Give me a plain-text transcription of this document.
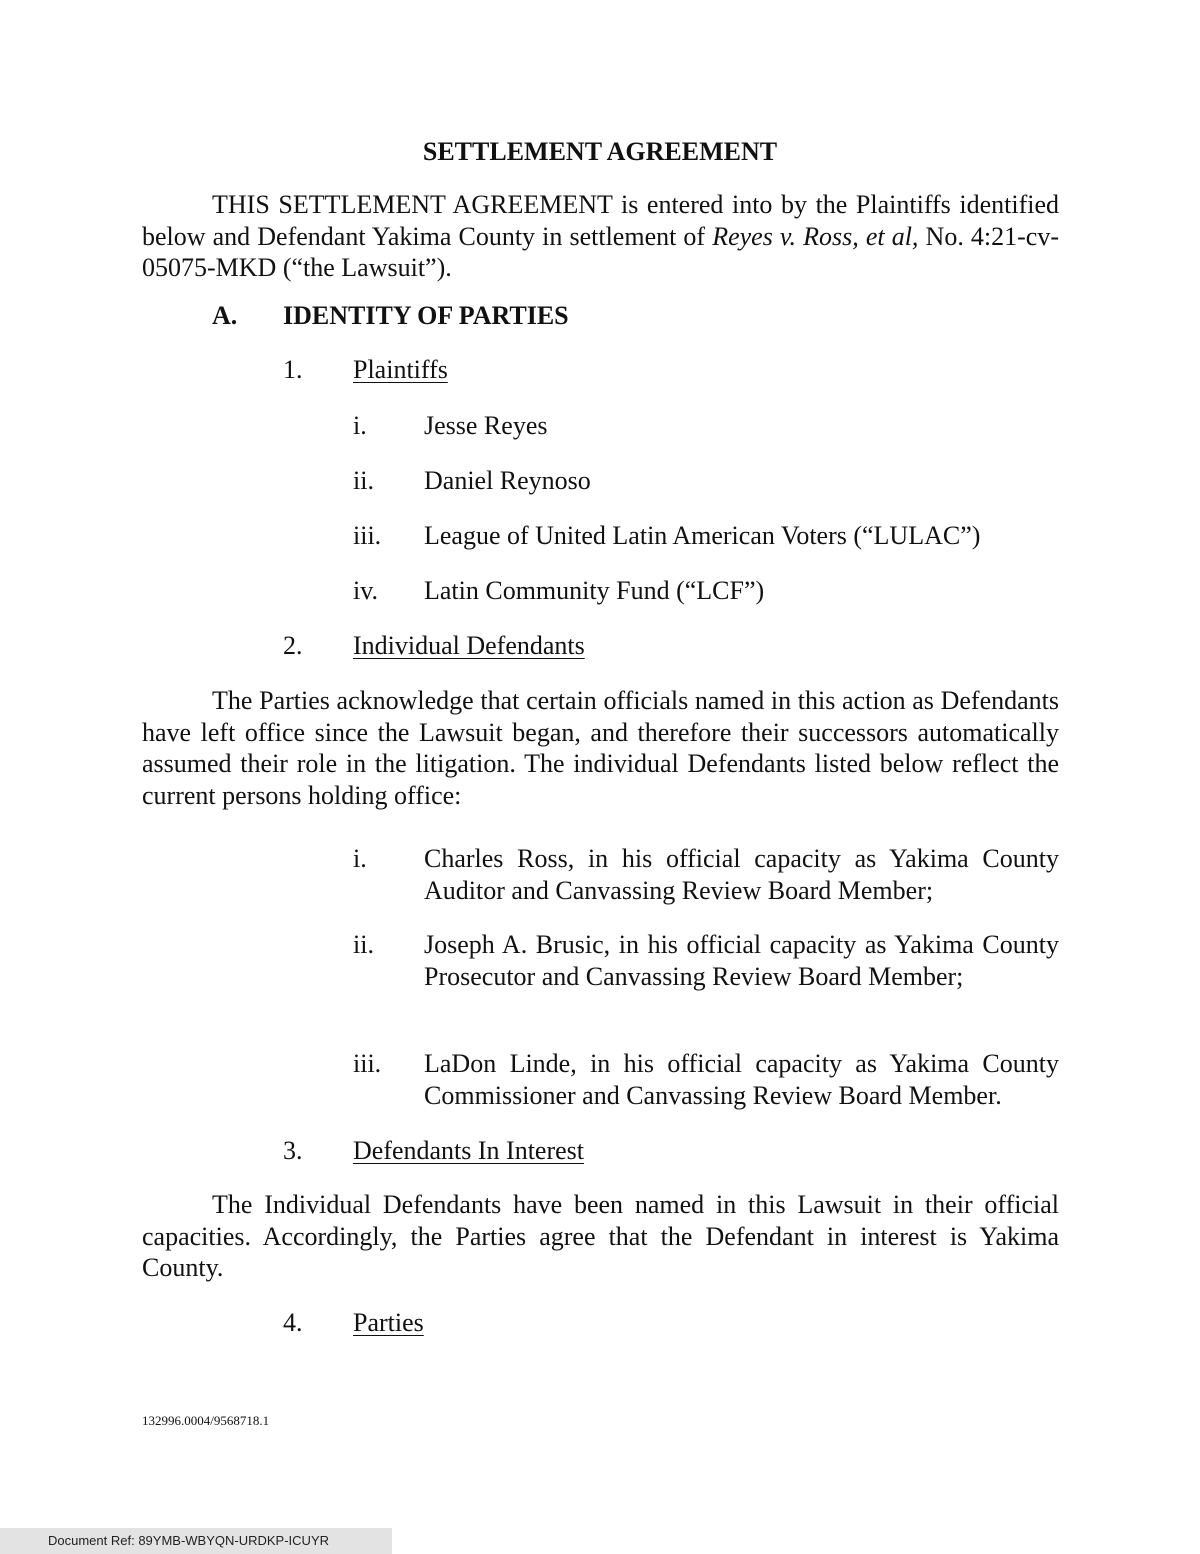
SETTLEMENT AGREEMENT

THIS SETTLEMENT AGREEMENT is entered into by the Plaintiffs identified below and Defendant Yakima County in settlement of Reyes v. Ross, et al, No. 4:21-cv-05075-MKD (“the Lawsuit”).

A. IDENTITY OF PARTIES
1. Plaintiffs
i. Jesse Reyes
ii. Daniel Reynoso
iii. League of United Latin American Voters (“LULAC”)
iv. Latin Community Fund (“LCF”)
2. Individual Defendants

The Parties acknowledge that certain officials named in this action as Defendants have left office since the Lawsuit began, and therefore their successors automatically assumed their role in the litigation. The individual Defendants listed below reflect the current persons holding office:

i. Charles Ross, in his official capacity as Yakima County Auditor and Canvassing Review Board Member;

ii. Joseph A. Brusic, in his official capacity as Yakima County Prosecutor and Canvassing Review Board Member;

iii. LaDon Linde, in his official capacity as Yakima County Commissioner and Canvassing Review Board Member.

3. Defendants In Interest

The Individual Defendants have been named in this Lawsuit in their official capacities. Accordingly, the Parties agree that the Defendant in interest is Yakima County.

4. Parties
132996.0004/9568718.1
Document Ref: 89YMB-WBYQN-URDKP-ICUYR
